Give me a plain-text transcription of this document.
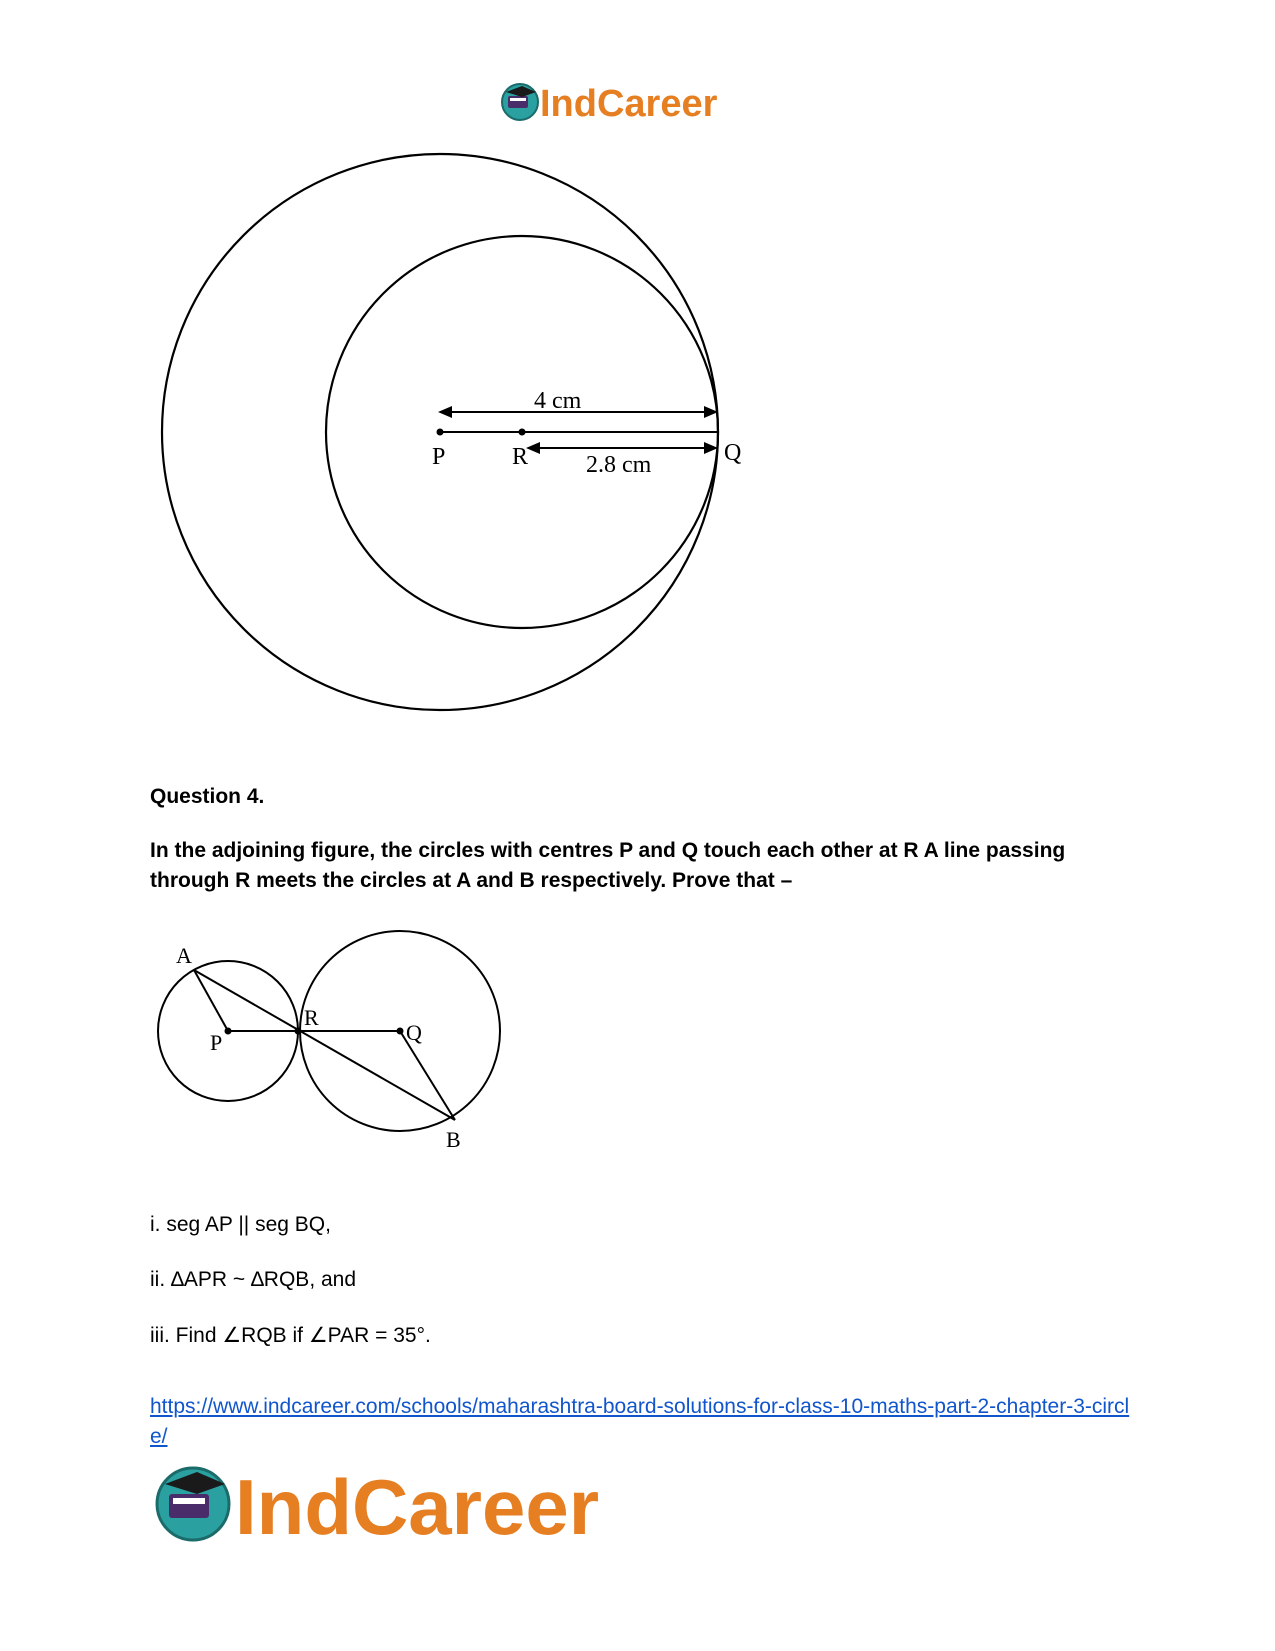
IndCareer
4 cm
2.8 cm
P	R	Q

Question 4.

In the adjoining figure, the circles with centres P and Q touch each other at R A line passing through R meets the circles at A and B respectively. Prove that –

A
P
R
Q
B

i. seg AP || seg BQ,

ii. ∆APR ~ ∆RQB, and

iii. Find ∠RQB if ∠PAR = 35°.

https://www.indcareer.com/schools/maharashtra-board-solutions-for-class-10-maths-part-2-chapter-3-circle/
IndCareer
